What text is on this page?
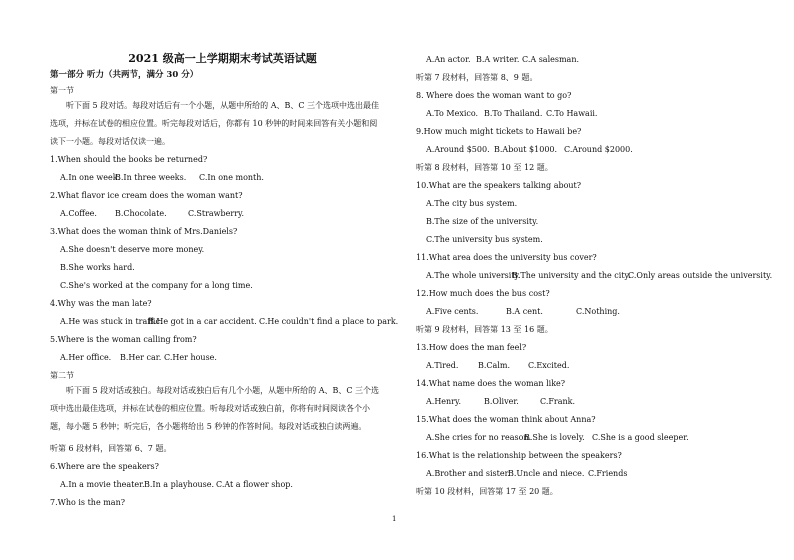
2021 级高一上学期期末考试英语试题
第一部分 听力（共两节，满分 30 分）
第一节
听下面 5 段对话。每段对话后有一个小题，从题中所给的 A、B、C 三个选项中选出最佳选项，并标在试卷的相应位置。听完每段对话后，你都有 10 秒钟的时间来回答有关小题和阅读下一小题。每段对话仅读一遍。
1.When should the books be returned?
A.In one week.
B.In three weeks.	C.In one month.
2.What flavor ice cream does the woman want?
A.Coffee.	B.Chocolate.	C.Strawberry.
3.What does the woman think of Mrs.Daniels?
A.She doesn't deserve more money.
B.She works hard.
C.She's worked at the company for a long time.
4.Why was the man late?
A.He was stuck in traffic.
B.He got in a car accident. C.He couldn't find a place to park.
5.Where is the woman calling from?
A.Her office.	B.Her car. C.Her house.
第二节
听下面 5 段对话或独白。每段对话或独白后有几个小题，从题中所给的 A、B、C 三个选项中选出最佳选项，并标在试卷的相应位置。听每段对话或独白前，你将有时间阅读各个小题，每小题 5 秒钟；听完后，各小题将给出 5 秒钟的作答时间。每段对话或独白读两遍。
听第 6 段材料，回答第 6、7 题。
6.Where are the speakers?
A.In a movie theater. B.In a playhouse. C.At a flower shop.
7.Who is the man?
A.An actor. B.A writer. C.A salesman.
听第 7 段材料，回答第 8、9 题。
8. Where does the woman want to go?
A.To Mexico. B.To Thailand. C.To Hawaii.
9.How much might tickets to Hawaii be?
A.Around $500. B.About $1000. C.Around $2000.
听第 8 段材料，回答第 10 至 12 题。
10.What are the speakers talking about?
A.The city bus system.
B.The size of the university.
C.The university bus system.
11.What area does the university bus cover?
A.The whole university.
B.The university and the city.
C.Only areas outside the university.
12.How much does the bus cost?
A.Five cents.	B.A cent.	C.Nothing.
听第 9 段材料，回答第 13 至 16 题。
13.How does the man feel?
A.Tired.	B.Calm.	C.Excited.
14.What name does the woman like?
A.Henry.	B.Oliver.	C.Frank.
15.What does the woman think about Anna?
A.She cries for no reason.
B.She is lovely. C.She is a good sleeper.
16.What is the relationship between the speakers?
A.Brother and sister.
B.Uncle and niece. C.Friends
听第 10 段材料，回答第 17 至 20 题。
1
